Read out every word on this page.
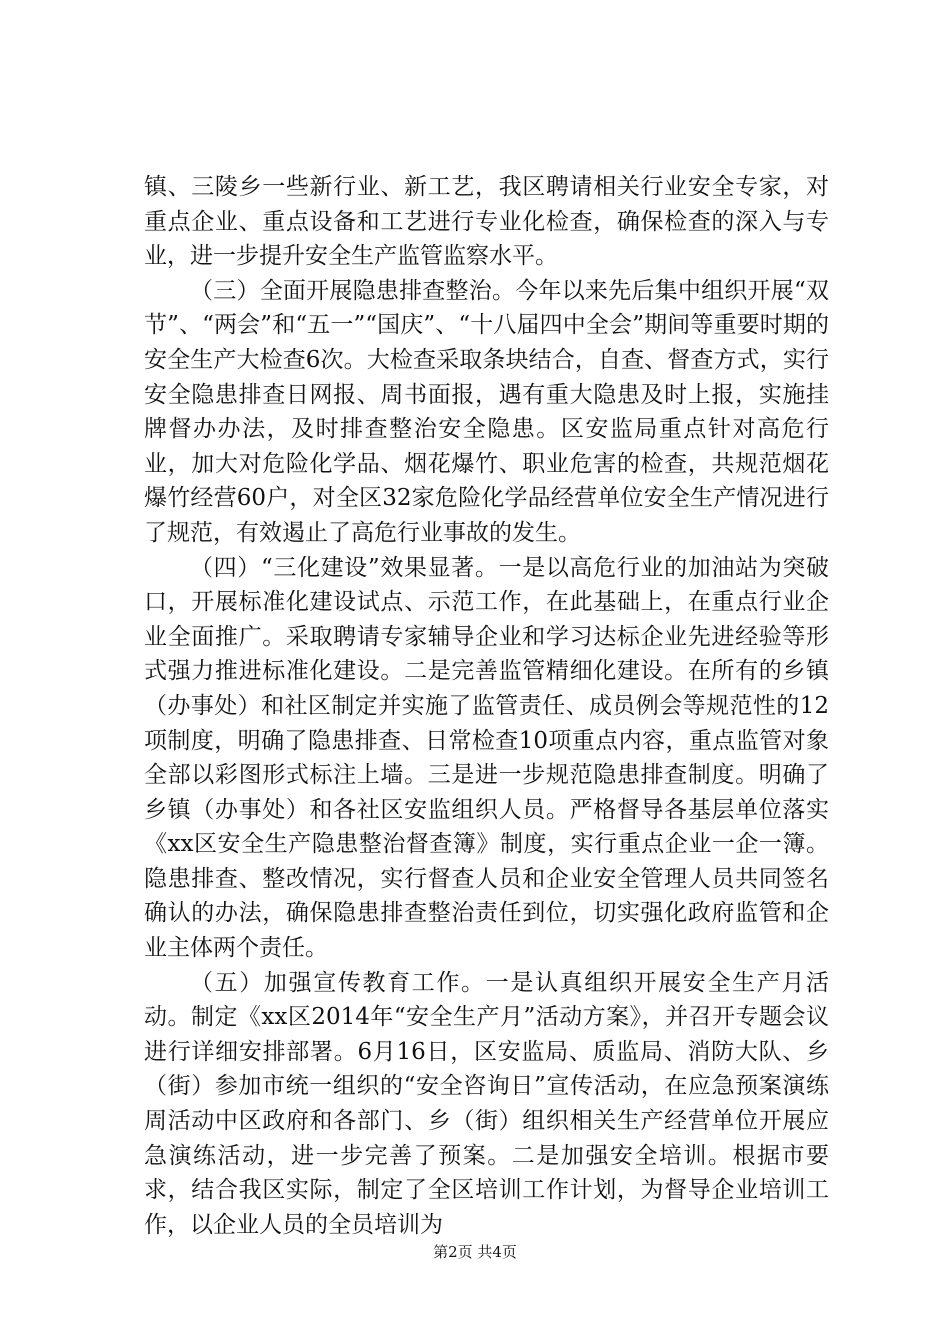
镇、三陵乡一些新行业、新工艺，我区聘请相关行业安全专家，对重点企业、重点设备和工艺进行专业化检查，确保检查的深入与专业，进一步提升安全生产监管监察水平。

（三）全面开展隐患排查整治。今年以来先后集中组织开展“双节”、“两会”和“五一”“国庆”、“十八届四中全会”期间等重要时期的安全生产大检查6次。大检查采取条块结合，自查、督查方式，实行安全隐患排查日网报、周书面报，遇有重大隐患及时上报，实施挂牌督办办法，及时排查整治安全隐患。区安监局重点针对高危行业，加大对危险化学品、烟花爆竹、职业危害的检查，共规范烟花爆竹经营60户，对全区32家危险化学品经营单位安全生产情况进行了规范，有效遏止了高危行业事故的发生。

（四）“三化建设”效果显著。一是以高危行业的加油站为突破口，开展标准化建设试点、示范工作，在此基础上，在重点行业企业全面推广。采取聘请专家辅导企业和学习达标企业先进经验等形式强力推进标准化建设。二是完善监管精细化建设。在所有的乡镇（办事处）和社区制定并实施了监管责任、成员例会等规范性的12项制度，明确了隐患排查、日常检查10项重点内容，重点监管对象全部以彩图形式标注上墙。三是进一步规范隐患排查制度。明确了乡镇（办事处）和各社区安监组织人员。严格督导各基层单位落实《xx区安全生产隐患整治督查簿》制度，实行重点企业一企一簿。隐患排查、整改情况，实行督查人员和企业安全管理人员共同签名确认的办法，确保隐患排查整治责任到位，切实强化政府监管和企业主体两个责任。

（五）加强宣传教育工作。一是认真组织开展安全生产月活动。制定《xx区2014年“安全生产月”活动方案》，并召开专题会议进行详细安排部署。6月16日，区安监局、质监局、消防大队、乡（街）参加市统一组织的“安全咨询日”宣传活动，在应急预案演练周活动中区政府和各部门、乡（街）组织相关生产经营单位开展应急演练活动，进一步完善了预案。二是加强安全培训。根据市要求，结合我区实际，制定了全区培训工作计划，为督导企业培训工作，以企业人员的全员培训为

第2页 共4页
